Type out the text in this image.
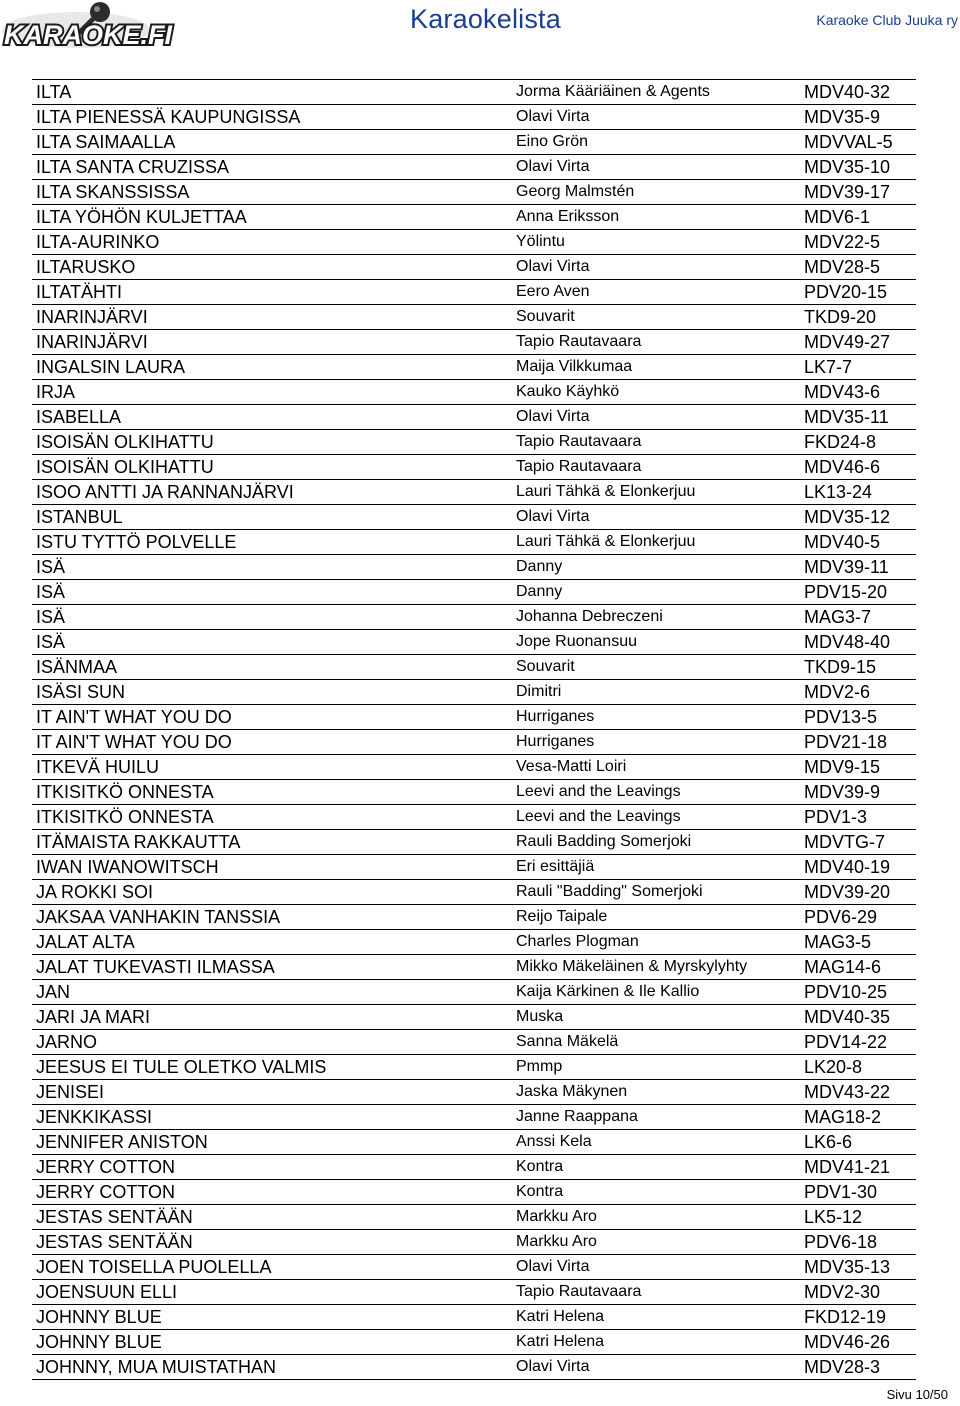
KARAOKE.FI
Karaokelista	Karaoke Club Juuka ry
ILTA	Jorma Kääriäinen & Agents	MDV40-32
ILTA PIENESSÄ KAUPUNGISSA	Olavi Virta	MDV35-9
ILTA SAIMAALLA	Eino Grön	MDVVAL-5
ILTA SANTA CRUZISSA	Olavi Virta	MDV35-10
ILTA SKANSSISSA	Georg Malmstén	MDV39-17
ILTA YÖHÖN KULJETTAA	Anna Eriksson	MDV6-1
ILTA-AURINKO	Yölintu	MDV22-5
ILTARUSKO	Olavi Virta	MDV28-5
ILTATÄHTI	Eero Aven	PDV20-15
INARINJÄRVI	Souvarit	TKD9-20
INARINJÄRVI	Tapio Rautavaara	MDV49-27
INGALSIN LAURA	Maija Vilkkumaa	LK7-7
IRJA	Kauko Käyhkö	MDV43-6
ISABELLA	Olavi Virta	MDV35-11
ISOISÄN OLKIHATTU	Tapio Rautavaara	FKD24-8
ISOISÄN OLKIHATTU	Tapio Rautavaara	MDV46-6
ISOO ANTTI JA RANNANJÄRVI	Lauri Tähkä & Elonkerjuu	LK13-24
ISTANBUL	Olavi Virta	MDV35-12
ISTU TYTTÖ POLVELLE	Lauri Tähkä & Elonkerjuu	MDV40-5
ISÄ	Danny	MDV39-11
ISÄ	Danny	PDV15-20
ISÄ	Johanna Debreczeni	MAG3-7
ISÄ	Jope Ruonansuu	MDV48-40
ISÄNMAA	Souvarit	TKD9-15
ISÄSI SUN	Dimitri	MDV2-6
IT AIN'T WHAT YOU DO	Hurriganes	PDV13-5
IT AIN'T WHAT YOU DO	Hurriganes	PDV21-18
ITKEVÄ HUILU	Vesa-Matti Loiri	MDV9-15
ITKISITKÖ ONNESTA	Leevi and the Leavings	MDV39-9
ITKISITKÖ ONNESTA	Leevi and the Leavings	PDV1-3
ITÄMAISTA RAKKAUTTA	Rauli Badding Somerjoki	MDVTG-7
IWAN IWANOWITSCH	Eri esittäjiä	MDV40-19
JA ROKKI SOI	Rauli "Badding" Somerjoki	MDV39-20
JAKSAA VANHAKIN TANSSIA	Reijo Taipale	PDV6-29
JALAT ALTA	Charles Plogman	MAG3-5
JALAT TUKEVASTI ILMASSA	Mikko Mäkeläinen & Myrskylyhty	MAG14-6
JAN	Kaija Kärkinen & Ile Kallio	PDV10-25
JARI JA MARI	Muska	MDV40-35
JARNO	Sanna Mäkelä	PDV14-22
JEESUS EI TULE OLETKO VALMIS	Pmmp	LK20-8
JENISEI	Jaska Mäkynen	MDV43-22
JENKKIKASSI	Janne Raappana	MAG18-2
JENNIFER ANISTON	Anssi Kela	LK6-6
JERRY COTTON	Kontra	MDV41-21
JERRY COTTON	Kontra	PDV1-30
JESTAS SENTÄÄN	Markku Aro	LK5-12
JESTAS SENTÄÄN	Markku Aro	PDV6-18
JOEN TOISELLA PUOLELLA	Olavi Virta	MDV35-13
JOENSUUN ELLI	Tapio Rautavaara	MDV2-30
JOHNNY BLUE	Katri Helena	FKD12-19
JOHNNY BLUE	Katri Helena	MDV46-26
JOHNNY, MUA MUISTATHAN	Olavi Virta	MDV28-3
Sivu 10/50
